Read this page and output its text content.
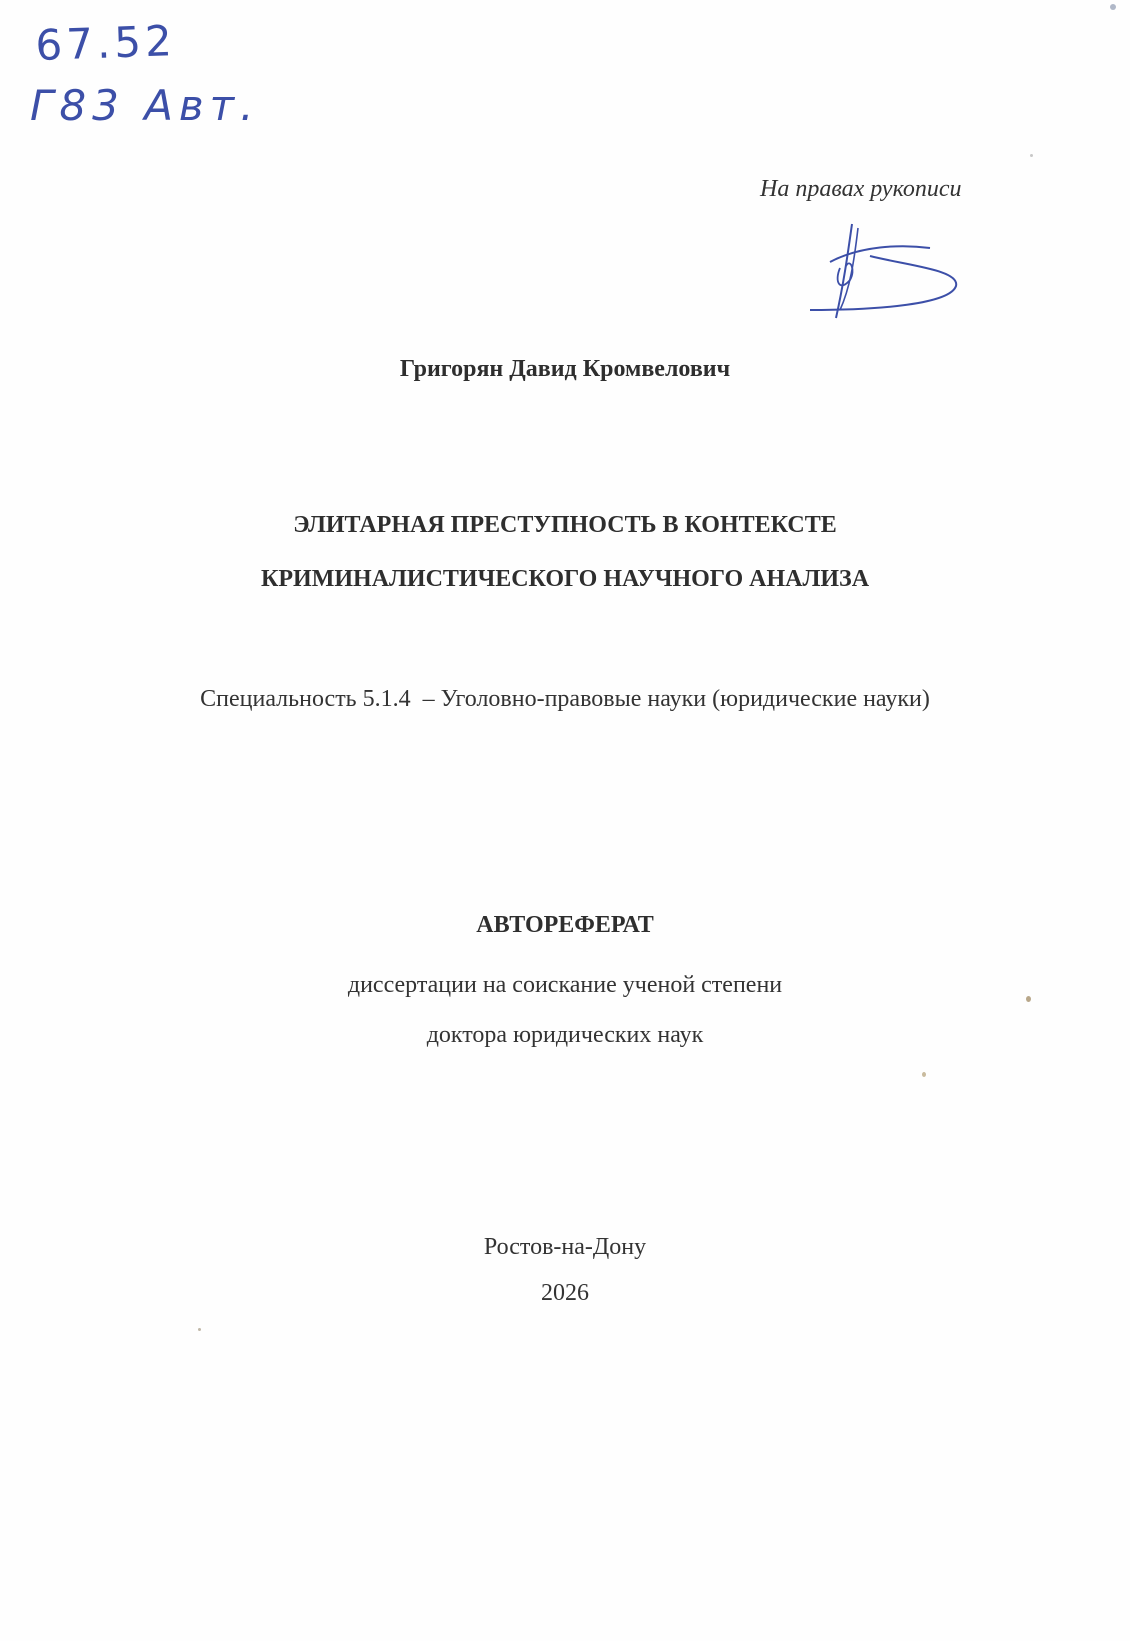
67.52
Г83 Авт.
На правах рукописи
Григорян Давид Кромвелович
ЭЛИТАРНАЯ ПРЕСТУПНОСТЬ В КОНТЕКСТЕ
КРИМИНАЛИСТИЧЕСКОГО НАУЧНОГО АНАЛИЗА
Специальность 5.1.4  – Уголовно-правовые науки (юридические науки)
АВТОРЕФЕРАТ
диссертации на соискание ученой степени
доктора юридических наук
Ростов-на-Дону
2026
